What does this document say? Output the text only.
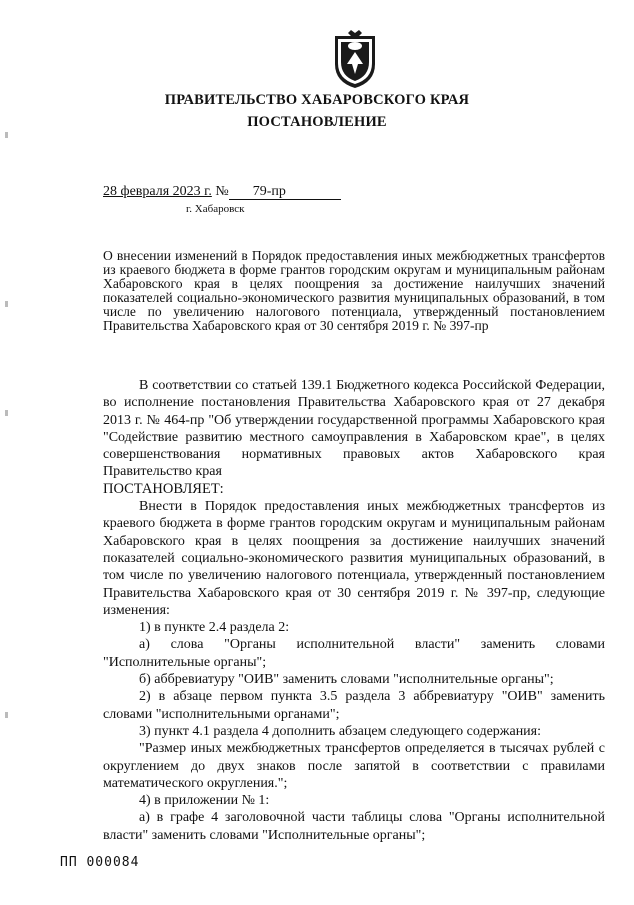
ПРАВИТЕЛЬСТВО ХАБАРОВСКОГО КРАЯ
ПОСТАНОВЛЕНИЕ
28 февраля 2023 г. № 79-пр
г. Хабаровск
О внесении изменений в Порядок предоставления иных межбюджетных трансфертов из краевого бюджета в форме грантов городским округам и муниципальным районам Хабаровского края в целях поощрения за достижение наилучших значений показателей социально-экономического развития муниципальных образований, в том числе по увеличению налогового потенциала, утвержденный постановлением Правительства Хабаровского края от 30 сентября 2019 г. № 397-пр

В соответствии со статьей 139.1 Бюджетного кодекса Российской Федерации, во исполнение постановления Правительства Хабаровского края от 27 декабря 2013 г. № 464-пр "Об утверждении государственной программы Хабаровского края "Содействие развитию местного самоуправления в Хабаровском крае", в целях совершенствования нормативных правовых актов Хабаровского края Правительство края

ПОСТАНОВЛЯЕТ:

Внести в Порядок предоставления иных межбюджетных трансфертов из краевого бюджета в форме грантов городским округам и муниципальным районам Хабаровского края в целях поощрения за достижение наилучших значений показателей социально-экономического развития муниципальных образований, в том числе по увеличению налогового потенциала, утвержденный постановлением Правительства Хабаровского края от 30 сентября 2019 г. № 397-пр, следующие изменения:

1) в пункте 2.4 раздела 2:

а) слова "Органы исполнительной власти" заменить словами "Исполнительные органы";

б) аббревиатуру "ОИВ" заменить словами "исполнительные органы";

2) в абзаце первом пункта 3.5 раздела 3 аббревиатуру "ОИВ" заменить словами "исполнительными органами";

3) пункт 4.1 раздела 4 дополнить абзацем следующего содержания:

"Размер иных межбюджетных трансфертов определяется в тысячах рублей с округлением до двух знаков после запятой в соответствии с правилами математического округления.";

4) в приложении № 1:

а) в графе 4 заголовочной части таблицы слова "Органы исполнительной власти" заменить словами "Исполнительные органы";

ПП 000084
